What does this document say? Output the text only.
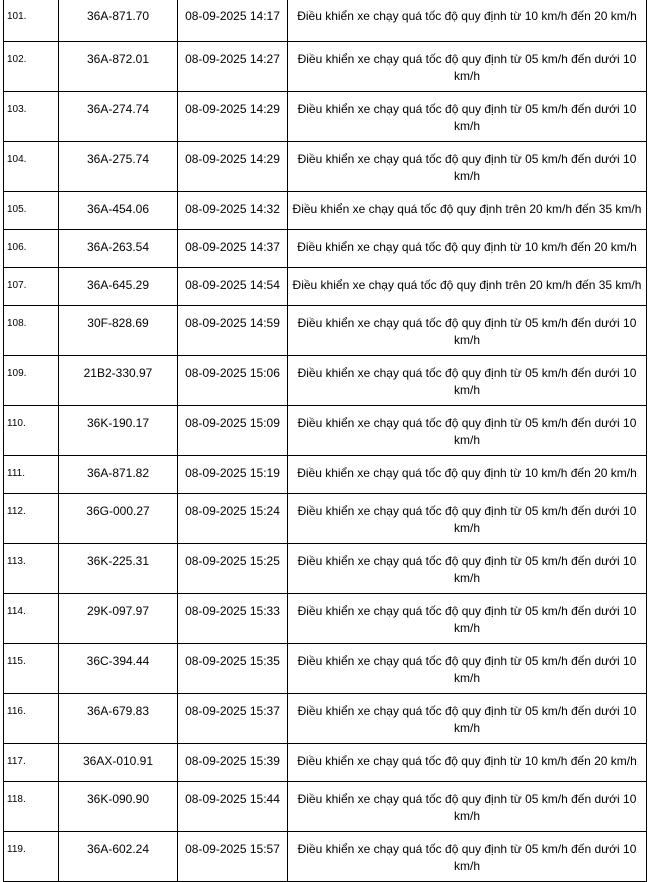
101.	36A-871.70	08-09-2025 14:17	Điều khiển xe chạy quá tốc độ quy định từ 10 km/h đến 20 km/h
102.	36A-872.01	08-09-2025 14:27	Điều khiển xe chạy quá tốc độ quy định từ 05 km/h đến dưới 10 km/h
103.	36A-274.74	08-09-2025 14:29	Điều khiển xe chạy quá tốc độ quy định từ 05 km/h đến dưới 10 km/h
104.	36A-275.74	08-09-2025 14:29	Điều khiển xe chạy quá tốc độ quy định từ 05 km/h đến dưới 10 km/h
105.	36A-454.06	08-09-2025 14:32	Điều khiển xe chạy quá tốc độ quy định trên 20 km/h đến 35 km/h
106.	36A-263.54	08-09-2025 14:37	Điều khiển xe chạy quá tốc độ quy định từ 10 km/h đến 20 km/h
107.	36A-645.29	08-09-2025 14:54	Điều khiển xe chạy quá tốc độ quy định trên 20 km/h đến 35 km/h
108.	30F-828.69	08-09-2025 14:59	Điều khiển xe chạy quá tốc độ quy định từ 05 km/h đến dưới 10 km/h
109.	21B2-330.97	08-09-2025 15:06	Điều khiển xe chạy quá tốc độ quy định từ 05 km/h đến dưới 10 km/h
110.	36K-190.17	08-09-2025 15:09	Điều khiển xe chạy quá tốc độ quy định từ 05 km/h đến dưới 10 km/h
111.	36A-871.82	08-09-2025 15:19	Điều khiển xe chạy quá tốc độ quy định từ 10 km/h đến 20 km/h
112.	36G-000.27	08-09-2025 15:24	Điều khiển xe chạy quá tốc độ quy định từ 05 km/h đến dưới 10 km/h
113.	36K-225.31	08-09-2025 15:25	Điều khiển xe chạy quá tốc độ quy định từ 05 km/h đến dưới 10 km/h
114.	29K-097.97	08-09-2025 15:33	Điều khiển xe chạy quá tốc độ quy định từ 05 km/h đến dưới 10 km/h
115.	36C-394.44	08-09-2025 15:35	Điều khiển xe chạy quá tốc độ quy định từ 05 km/h đến dưới 10 km/h
116.	36A-679.83	08-09-2025 15:37	Điều khiển xe chạy quá tốc độ quy định từ 05 km/h đến dưới 10 km/h
117.	36AX-010.91	08-09-2025 15:39	Điều khiển xe chạy quá tốc độ quy định từ 10 km/h đến 20 km/h
118.	36K-090.90	08-09-2025 15:44	Điều khiển xe chạy quá tốc độ quy định từ 05 km/h đến dưới 10 km/h
119.	36A-602.24	08-09-2025 15:57	Điều khiển xe chạy quá tốc độ quy định từ 05 km/h đến dưới 10 km/h
